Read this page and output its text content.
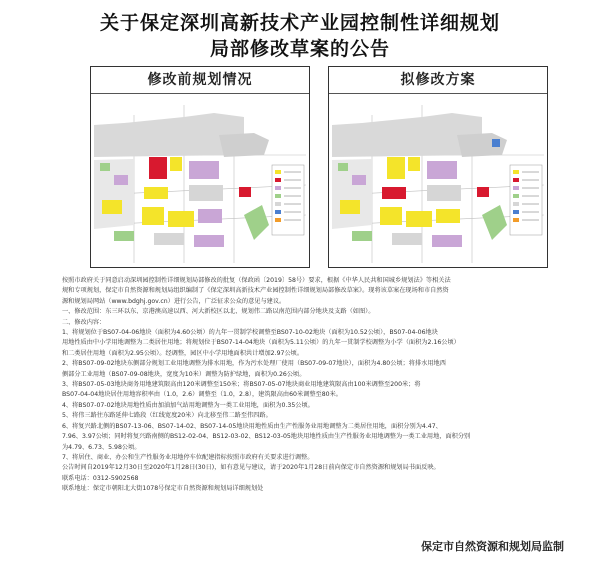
关于保定深圳高新技术产业园控制性详细规划
局部修改草案的公告
修改前规划情况	拟修改方案

按照市政府关于同意启动深圳园控制性详细规划局部修改的批复（保政函〔2019〕58号）要求，根据《中华人民共和国城乡规划法》等相关法

规和专项规划，保定市自然资源和规划局组织编制了《保定深圳高新技术产业园控制性详细规划局部修改草案》。现将该草案在现场和市自然资

源和规划局网站（www.bdghj.gov.cn）进行公告，广泛征求公众的意见与建议。

一、修改范围：东三环以东、京港澳高速以西、河大新校区以北、规划伟二路以南范围内部分地块及支路（如图）。

二、修改内容：

1、将规划位于BS07-04-06地块（面积为4.60公顷）的九年一贯制学校调整至BS07-10-02地块（面积为10.52公顷），BS07-04-06地块

用地性质由中小学用地调整为二类居住用地；将规划位于BS07-14-04地块（面积为5.11公顷）的九年一贯制学校调整为小学（面积为2.16公顷）

和二类居住用地（面积为2.95公顷）。经调整，园区中小学用地面积共计增加2.97公顷。

2、将BS07-09-02地块东侧部分规划工业用地调整为排水用地，作为污水处理厂使用（BS07-09-07地块），面积为4.80公顷；将排水用地西

侧部分工业用地（BS07-09-08地块，宽度为10米）调整为防护绿地，面积为0.26公顷。

3、将BS07-05-03地块商务用地建筑限高由120米调整至150米；将BS07-05-07地块商业用地建筑限高由100米调整至200米；将

BS07-04-04地块居住用地容积率由（1.0，2.6）调整至（1.0，2.8），建筑限高由60米调整至80米。

4、将BS07-07-02地块用地性质由加油加气站用地调整为一类工业用地，面积为0.35公顷。

5、将伟三路往东路延伸七路段（红线宽度20米）向北移至伟二路至伟四路。

6、将复兴路北侧的BS07-13-06、BS07-14-02、BS07-14-05地块用地性质由生产性服务业用地调整为二类居住用地，面积分别为4.47、

7.96、3.97公顷；同时将复兴路南侧的BS12-02-04、BS12-03-02、BS12-03-05地块用地性质由生产性服务业用地调整为一类工业用地，面积分别

为4.79、6.73、5.98公顷。

7、将居住、商业、办公和生产性服务业用地停车位配建指标按照市政府有关要求进行调整。

公告时间自2019年12月30日至2020年1月28日(30日)，如有意见与建议，请于2020年1月28日前向保定市自然资源和规划局书面反映。

联系电话：0312-5902568

联系地址：保定市朝阳北大街1078号保定市自然资源和规划局详细规划处

保定市自然资源和规划局监制
